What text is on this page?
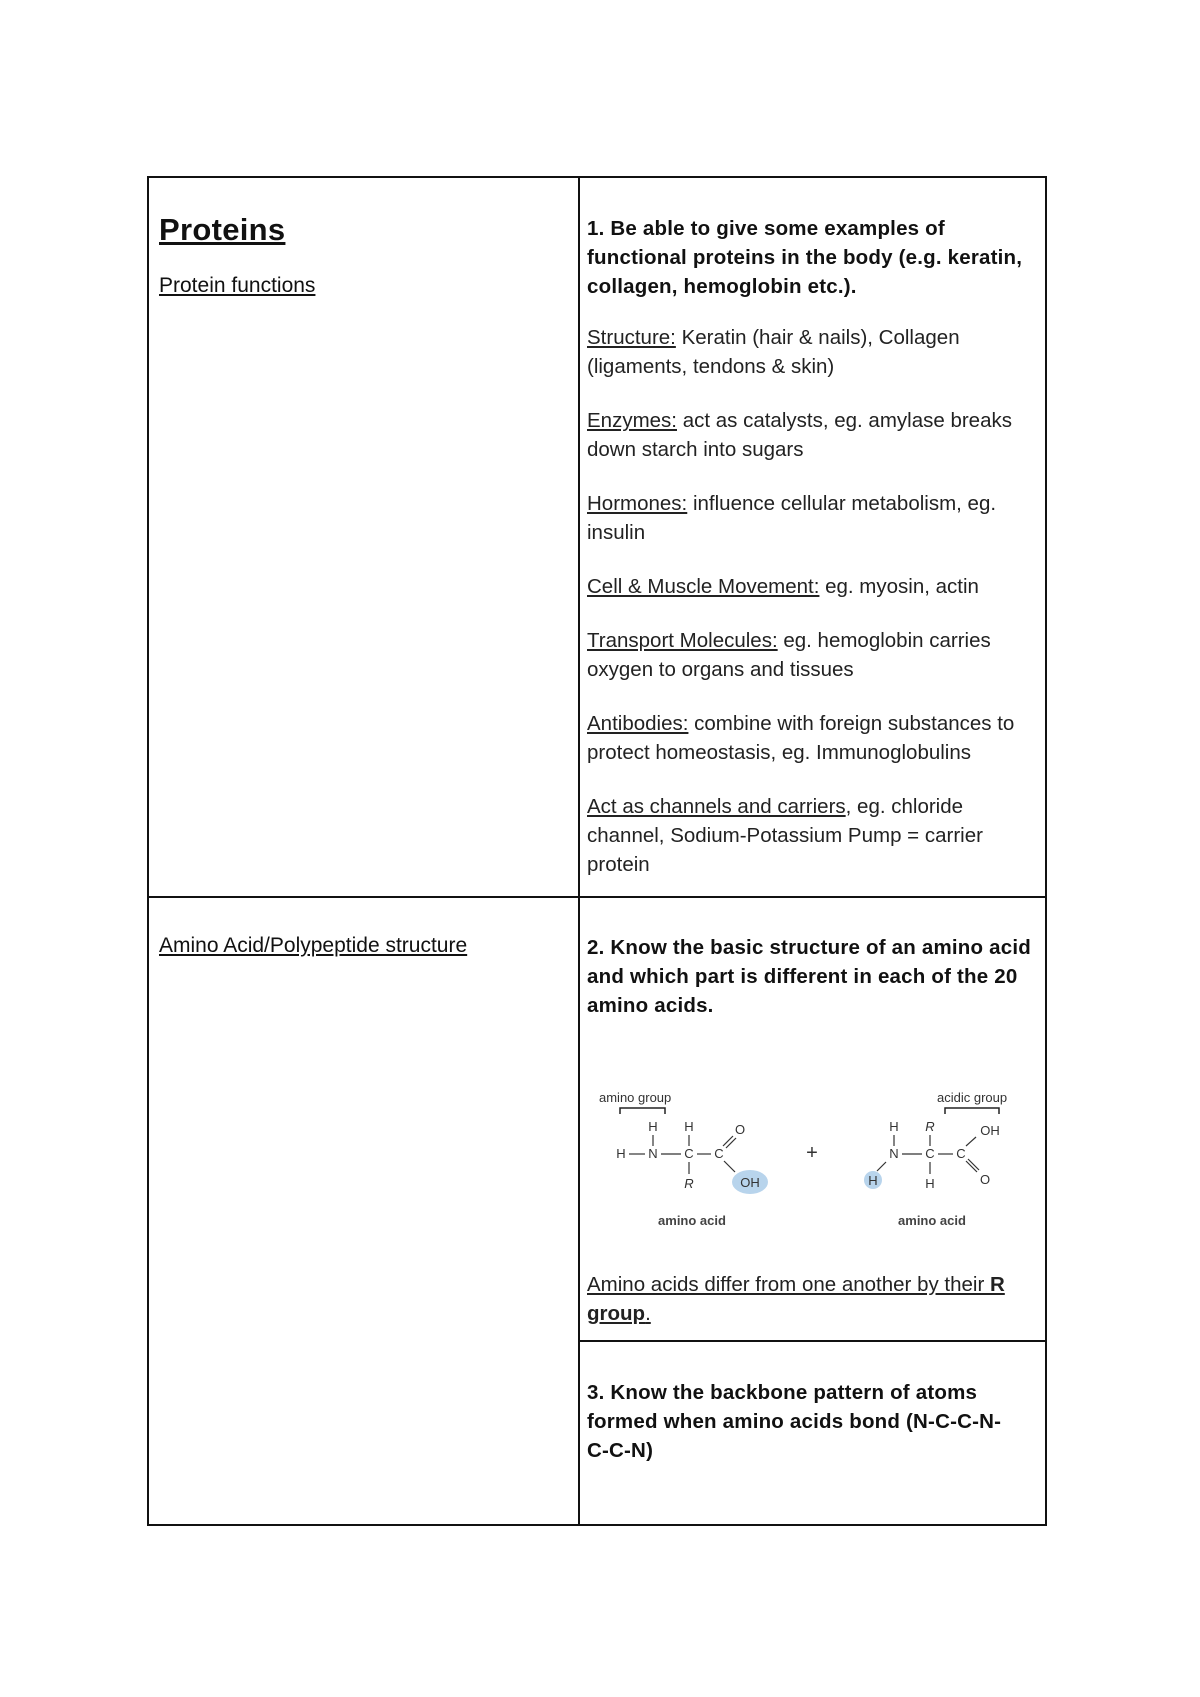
Proteins

Protein functions

1. Be able to give some examples of functional proteins in the body (e.g. keratin, collagen, hemoglobin etc.).

Structure: Keratin (hair & nails), Collagen (ligaments, tendons & skin)

Enzymes: act as catalysts, eg. amylase breaks down starch into sugars

Hormones: influence cellular metabolism, eg. insulin

Cell & Muscle Movement: eg. myosin, actin

Transport Molecules: eg. hemoglobin carries oxygen to organs and tissues

Antibodies: combine with foreign substances to protect homeostasis, eg. Immunoglobulins

Act as channels and carriers, eg. chloride channel, Sodium-Potassium Pump = carrier protein

Amino Acid/Polypeptide structure	2. Know the basic structure of an amino acid and which part is different in each of the 20 amino acids.

amino group
H H
H N C C
O
OH
R
amino acid
+
acidic group
H R
N C C
OH
O
H	H
amino acid

Amino acids differ from one another by their R group.

3. Know the backbone pattern of atoms formed when amino acids bond (N-C-C-N-C-C-N)
